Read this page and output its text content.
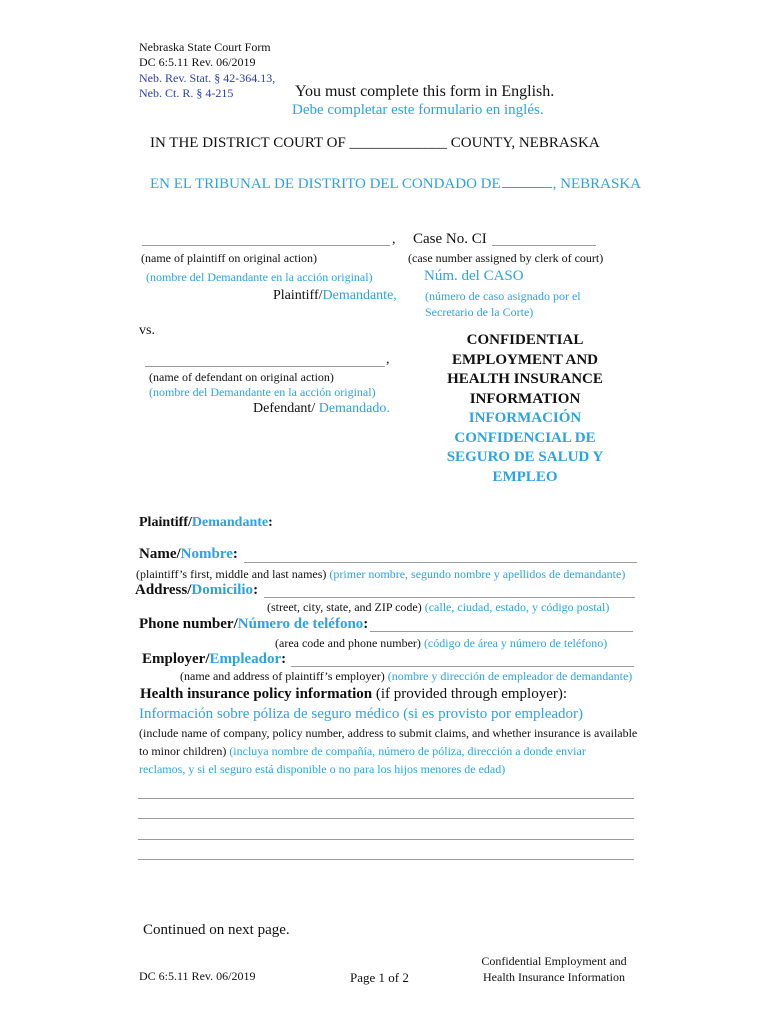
Nebraska State Court Form
DC 6:5.11 Rev. 06/2019
Neb. Rev. Stat. § 42-364.13,
Neb. Ct. R. § 4-215	You must complete this form in English.
Debe completar este formulario en inglés.
IN THE DISTRICT COURT OF _____________ COUNTY, NEBRASKA
EN EL TRIBUNAL DE DISTRITO DEL CONDADO DE	, NEBRASKA
,
(name of plaintiff on original action)
(nombre del Demandante en la acción original)
Plaintiff/Demandante,
Case No. CI
(case number assigned by clerk of court)
Núm. del CASO
(número de caso asignado por el
Secretario de la Corte)
vs.
,
(name of defendant on original action)
(nombre del Demandante en la acción original)
Defendant/ Demandado.
CONFIDENTIAL
EMPLOYMENT AND
HEALTH INSURANCE
INFORMATION
INFORMACIÓN
CONFIDENCIAL DE
SEGURO DE SALUD Y
EMPLEO
Plaintiff/Demandante:
Name/Nombre:
(plaintiff’s first, middle and last names) (primer nombre, segundo nombre y apellidos de demandante)
Address/Domicilio:
(street, city, state, and ZIP code) (calle, ciudad, estado, y código postal)
Phone number/Número de teléfono:
(area code and phone number) (código de área y número de teléfono)
Employer/Empleador:
(name and address of plaintiff’s employer) (nombre y dirección de empleador de demandante)
Health insurance policy information (if provided through employer):
Información sobre póliza de seguro médico (si es provisto por empleador)
(include name of company, policy number, address to submit claims, and whether insurance is available
to minor children) (incluya nombre de compañía, número de póliza, dirección a donde enviar
reclamos, y si el seguro está disponible o no para los hijos menores de edad)
Continued on next page.
DC 6:5.11 Rev. 06/2019	Page 1 of 2
Confidential Employment and
Health Insurance Information
